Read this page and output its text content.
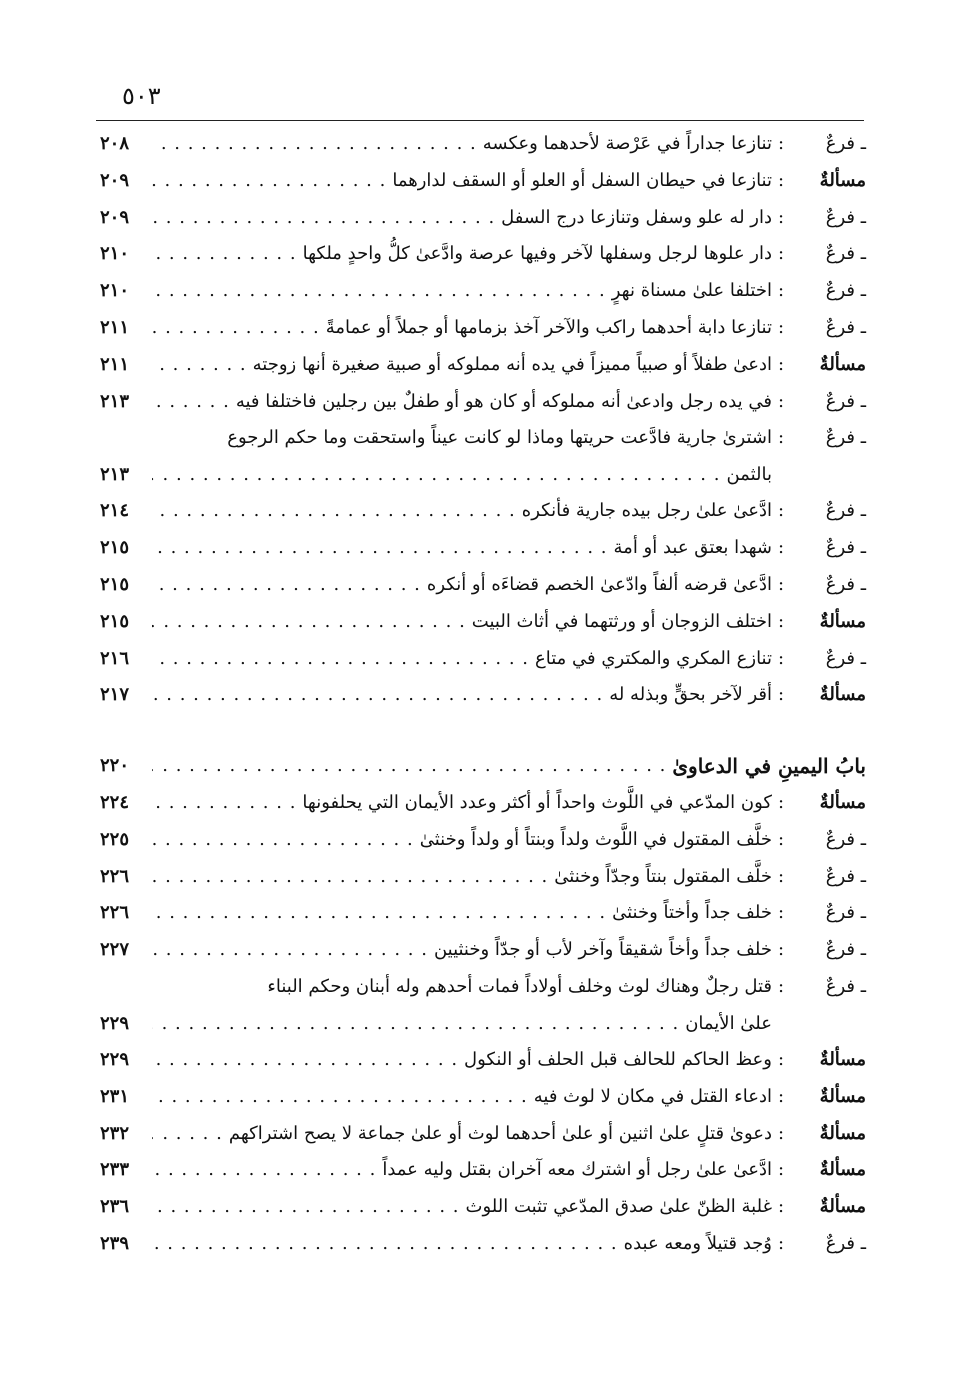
٥٠٣
ـ فرعٌ
:
تنازعا جداراً في عَرْصة لأحدهما وعكسه
. . .
٢٠٨
مسألةٌ
:
تنازعا في حيطان السفل أو العلو أو السقف لدارهما
. . .
٢٠٩
ـ فرعٌ
:
دار له علو وسفل وتنازعا درج السفل
. . .
٢٠٩
ـ فرعٌ
:
دار علوها لرجل وسفلها لآخر وفيها عرصة وادَّعىٰ كلُّ واحدٍ ملكها
. . .
٢١٠
ـ فرعٌ
:
اختلفا علىٰ مسناة نهرٍ
. . .
٢١٠
ـ فرعٌ
:
تنازعا دابة أحدهما راكب والآخر آخذ بزمامها أو جملاً أو عمامةً
. . .
٢١١
مسألةٌ
:
ادعىٰ طفلاً أو صبياً مميزاً في يده أنه مملوكه أو صبية صغيرة أنها زوجته
. . .
٢١١
ـ فرعٌ
:
في يده رجل وادعىٰ أنه مملوكه أو كان هو أو طفلٌ بين رجلين فاختلفا فيه
. . .
٢١٣
ـ فرعٌ
:
اشترىٰ جارية فادَّعت حريتها وماذا لو كانت عيناً واستحقت وما حكم الرجوع
بالثمن
. . .
٢١٣
ـ فرعٌ
:
ادَّعىٰ علىٰ رجل بيده جارية فأنكره
. . .
٢١٤
ـ فرعٌ
:
شهدا بعتق عبد أو أمة
. . .
٢١٥
ـ فرعٌ
:
ادَّعىٰ قرضه ألفاً وادّعىٰ الخصم قضاءَه أو أنكره
. . .
٢١٥
مسألةٌ
:
اختلف الزوجان أو ورثتهما في أثاث البيت
. . .
٢١٥
ـ فرعٌ
:
تنازع المكري والمكتري في متاع
. . .
٢١٦
مسألةٌ
:
أقر لآخر بحقٍّ وبذله له
. . .
٢١٧
بابُ اليمينِ في الدعاوىٰ
. . .
٢٢٠
مسألةٌ
:
كون المدّعي في اللَّوث واحداً أو أكثر وعدد الأيمان التي يحلفونها
. . .
٢٢٤
ـ فرعٌ
:
خلَّف المقتول في اللَّوث ولداً وبنتاً أو ولداً وخنثىٰ
. . .
٢٢٥
ـ فرعٌ
:
خلَّف المقتول بنتاً وجدّاً وخنثىٰ
. . .
٢٢٦
ـ فرعٌ
:
خلف جداً وأختاً وخنثىٰ
. . .
٢٢٦
ـ فرعٌ
:
خلف جداً وأخاً شقيقاً وآخر لأب أو جدّاً وخنثيين
. . .
٢٢٧
ـ فرعٌ
:
قتل رجلٌ وهناك لوث وخلف أولاداً فمات أحدهم وله أبنان وحكم البناء
علىٰ الأيمان
. . .
٢٢٩
مسألةٌ
:
وعظ الحاكم للحالف قبل الحلف أو النكول
. . .
٢٢٩
مسألةٌ
:
ادعاء القتل في مكان لا لوث فيه
. . .
٢٣١
مسألةٌ
:
دعوىٰ قتلٍ علىٰ اثنين أو علىٰ أحدهما لوث أو علىٰ جماعة لا يصح اشتراكهم
. . .
٢٣٢
مسألةٌ
:
ادَّعىٰ علىٰ رجل أو اشترك معه آخران بقتل وليه عمداً
. . .
٢٣٣
مسألةٌ
:
غلبة الظنّ علىٰ صدق المدّعي تثبت اللوث
. . .
٢٣٦
ـ فرعٌ
:
وُجد قتيلاً ومعه عبده
. . .
٢٣٩
